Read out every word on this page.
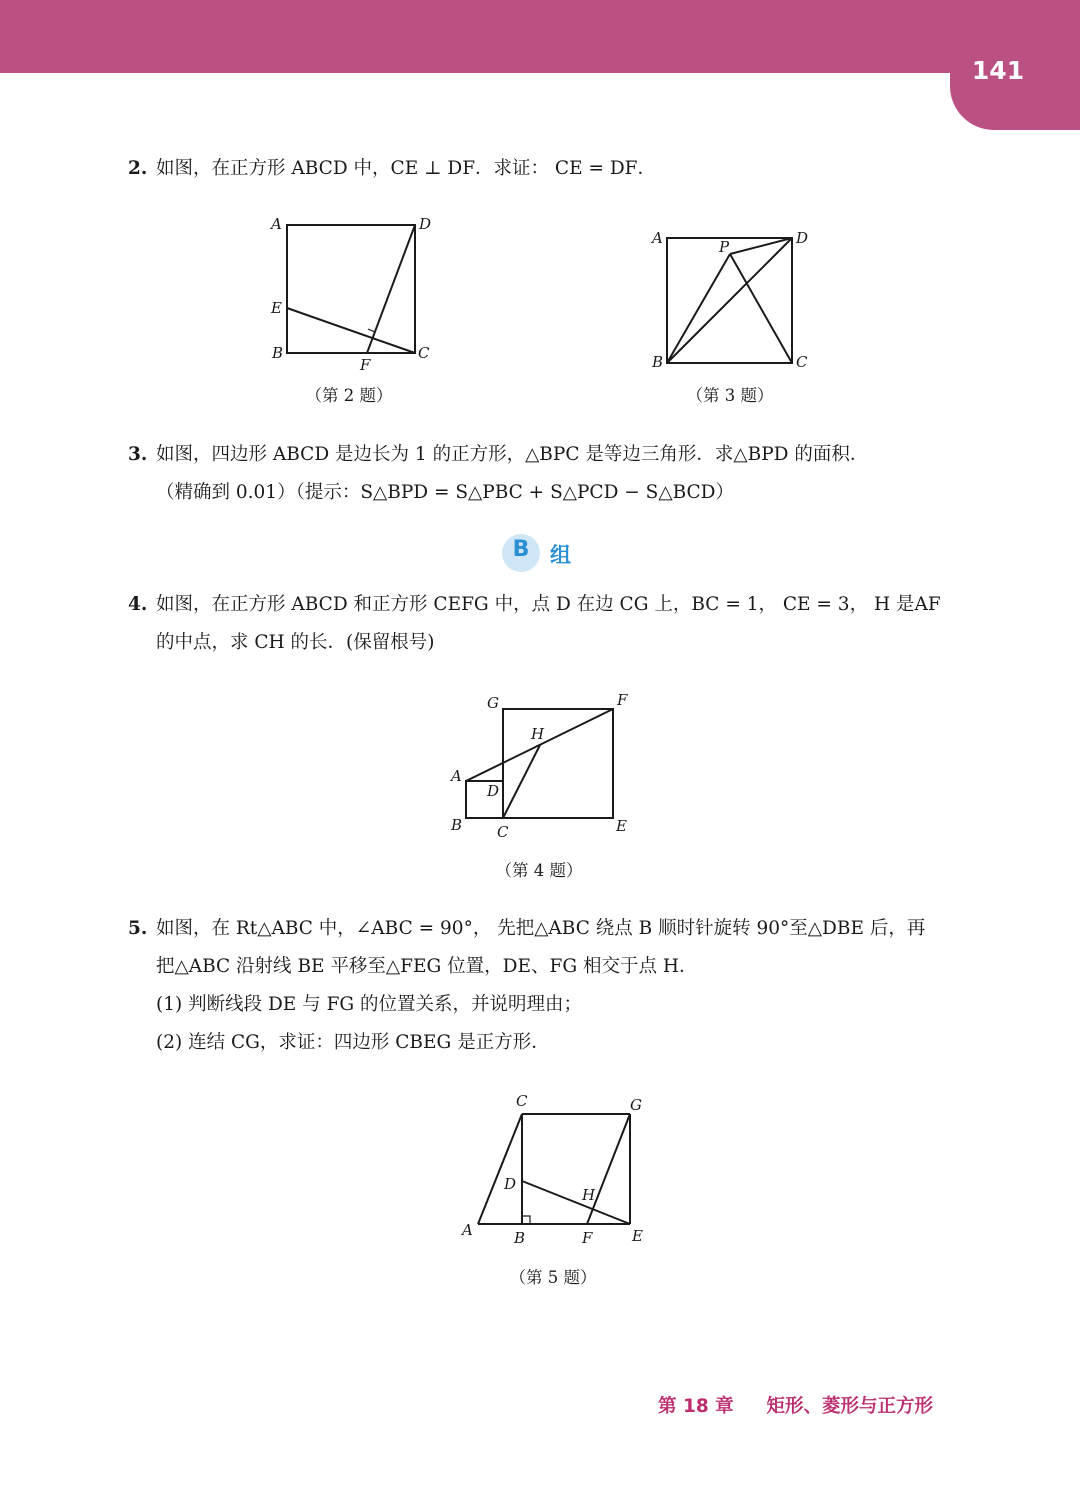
141
2. 如图，在正方形 ABCD 中，CE ⊥ DF．求证： CE = DF．
A	D
E
B	C
F
（第 2 题）
A	P	D
B	C
（第 3 题）
3. 如图，四边形 ABCD 是边长为 1 的正方形，△BPC 是等边三角形．求△BPD 的面积．
（精确到 0.01）（提示：S△BPD = S△PBC + S△PCD − S△BCD）
B 组
4. 如图，在正方形 ABCD 和正方形 CEFG 中，点 D 在边 CG 上，BC = 1， CE = 3， H 是AF
的中点，求 CH 的长．(保留根号)
G	F
H
A
D
B C	E
（第 4 题）
5. 如图，在 Rt△ABC 中，∠ABC = 90°， 先把△ABC 绕点 B 顺时针旋转 90°至△DBE 后，再
把△ABC 沿射线 BE 平移至△FEG 位置，DE、FG 相交于点 H．
(1) 判断线段 DE 与 FG 的位置关系，并说明理由；
(2) 连结 CG，求证：四边形 CBEG 是正方形．
C	G
D
H
A	B	F	E
（第 5 题）
第 18 章 矩形、菱形与正方形
